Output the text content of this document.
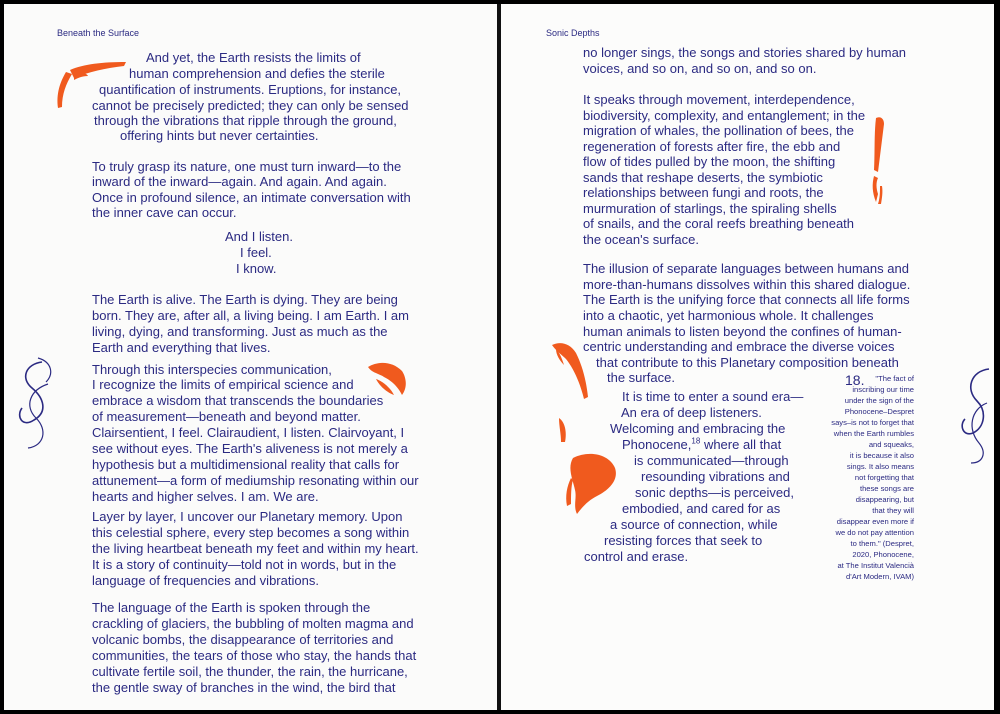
Beneath the Surface
And yet, the Earth resists the limits of
human comprehension and defies the sterile
quantification of instruments. Eruptions, for instance,
cannot be precisely predicted; they can only be sensed
through the vibrations that ripple through the ground,
offering hints but never certainties.
To truly grasp its nature, one must turn inward—to the
inward of the inward—again. And again. And again.
Once in profound silence, an intimate conversation with
the inner cave can occur.
And I listen.
I feel.
I know.
The Earth is alive. The Earth is dying. They are being
born. They are, after all, a living being. I am Earth. I am
living, dying, and transforming. Just as much as the
Earth and everything that lives.
Through this interspecies communication,
I recognize the limits of empirical science and
embrace a wisdom that transcends the boundaries
of measurement—beneath and beyond matter.
Clairsentient, I feel. Clairaudient, I listen. Clairvoyant, I
see without eyes. The Earth's aliveness is not merely a
hypothesis but a multidimensional reality that calls for
attunement—a form of mediumship resonating within our
hearts and higher selves. I am. We are.
Layer by layer, I uncover our Planetary memory. Upon
this celestial sphere, every step becomes a song within
the living heartbeat beneath my feet and within my heart.
It is a story of continuity—told not in words, but in the
language of frequencies and vibrations.
The language of the Earth is spoken through the
crackling of glaciers, the bubbling of molten magma and
volcanic bombs, the disappearance of territories and
communities, the tears of those who stay, the hands that
cultivate fertile soil, the thunder, the rain, the hurricane,
the gentle sway of branches in the wind, the bird that
Sonic Depths
no longer sings, the songs and stories shared by human
voices, and so on, and so on, and so on.
It speaks through movement, interdependence,
biodiversity, complexity, and entanglement; in the
migration of whales, the pollination of bees, the
regeneration of forests after fire, the ebb and
flow of tides pulled by the moon, the shifting
sands that reshape deserts, the symbiotic
relationships between fungi and roots, the
murmuration of starlings, the spiraling shells
of snails, and the coral reefs breathing beneath
the ocean's surface.
The illusion of separate languages between humans and
more-than-humans dissolves within this shared dialogue.
The Earth is the unifying force that connects all life forms
into a chaotic, yet harmonious whole. It challenges
human animals to listen beyond the confines of human-
centric understanding and embrace the diverse voices
that contribute to this Planetary composition beneath
the surface.
It is time to enter a sound era—
An era of deep listeners.
Welcoming and embracing the
Phonocene,$^{18}$ where all that
is communicated—through
resounding vibrations and
sonic depths—is perceived,
embodied, and cared for as
a source of connection, while
resisting forces that seek to
control and erase.
18. "The fact of
inscribing our time
under the sign of the
Phonocene–Despret
says–is not to forget that
when the Earth rumbles
and squeaks,
it is because it also
sings. It also means
not forgetting that
these songs are
disappearing, but
that they will
disappear even more if
we do not pay attention
to them." (Despret,
2020, Phonocene,
at The Institut Valencià
d'Art Modern, IVAM)
